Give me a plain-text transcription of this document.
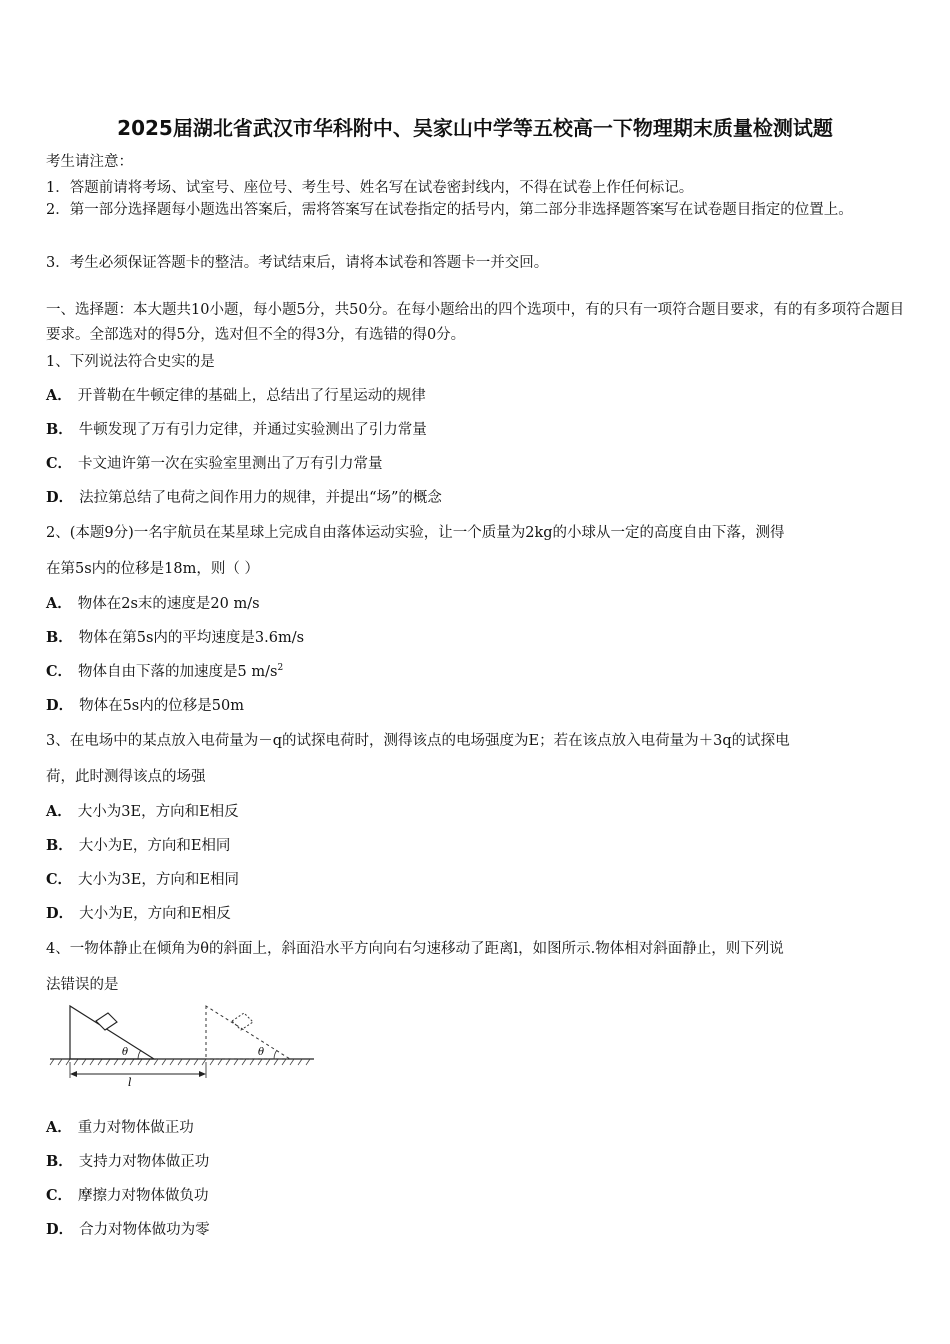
2025届湖北省武汉市华科附中、吴家山中学等五校高一下物理期末质量检测试题
考生请注意：
1．答题前请将考场、试室号、座位号、考生号、姓名写在试卷密封线内，不得在试卷上作任何标记。
2．第一部分选择题每小题选出答案后，需将答案写在试卷指定的括号内，第二部分非选择题答案写在试卷题目指定的位置上。
3．考生必须保证答题卡的整洁。考试结束后，请将本试卷和答题卡一并交回。
一、选择题：本大题共10小题，每小题5分，共50分。在每小题给出的四个选项中，有的只有一项符合题目要求，有的有多项符合题目要求。全部选对的得5分，选对但不全的得3分，有选错的得0分。
1、下列说法符合史实的是
A． 开普勒在牛顿定律的基础上，总结出了行星运动的规律
B． 牛顿发现了万有引力定律，并通过实验测出了引力常量
C． 卡文迪许第一次在实验室里测出了万有引力常量
D． 法拉第总结了电荷之间作用力的规律，并提出“场”的概念
2、(本题9分)一名宇航员在某星球上完成自由落体运动实验，让一个质量为2kg的小球从一定的高度自由下落，测得
在第5s内的位移是18m，则（ ）
A． 物体在2s末的速度是20 m/s
B． 物体在第5s内的平均速度是3.6m/s
C． 物体自由下落的加速度是5 $m/s^2$
D． 物体在5s内的位移是50m
3、在电场中的某点放入电荷量为－q的试探电荷时，测得该点的电场强度为E；若在该点放入电荷量为＋3q的试探电
荷，此时测得该点的场强
A． 大小为3E，方向和E相反
B． 大小为E，方向和E相同
C． 大小为3E，方向和E相同
D． 大小为E，方向和E相反
4、一物体静止在倾角为θ的斜面上，斜面沿水平方向向右匀速移动了距离l，如图所示.物体相对斜面静止，则下列说
法错误的是
θ	θ
l
A． 重力对物体做正功
B． 支持力对物体做正功
C． 摩擦力对物体做负功
D． 合力对物体做功为零
